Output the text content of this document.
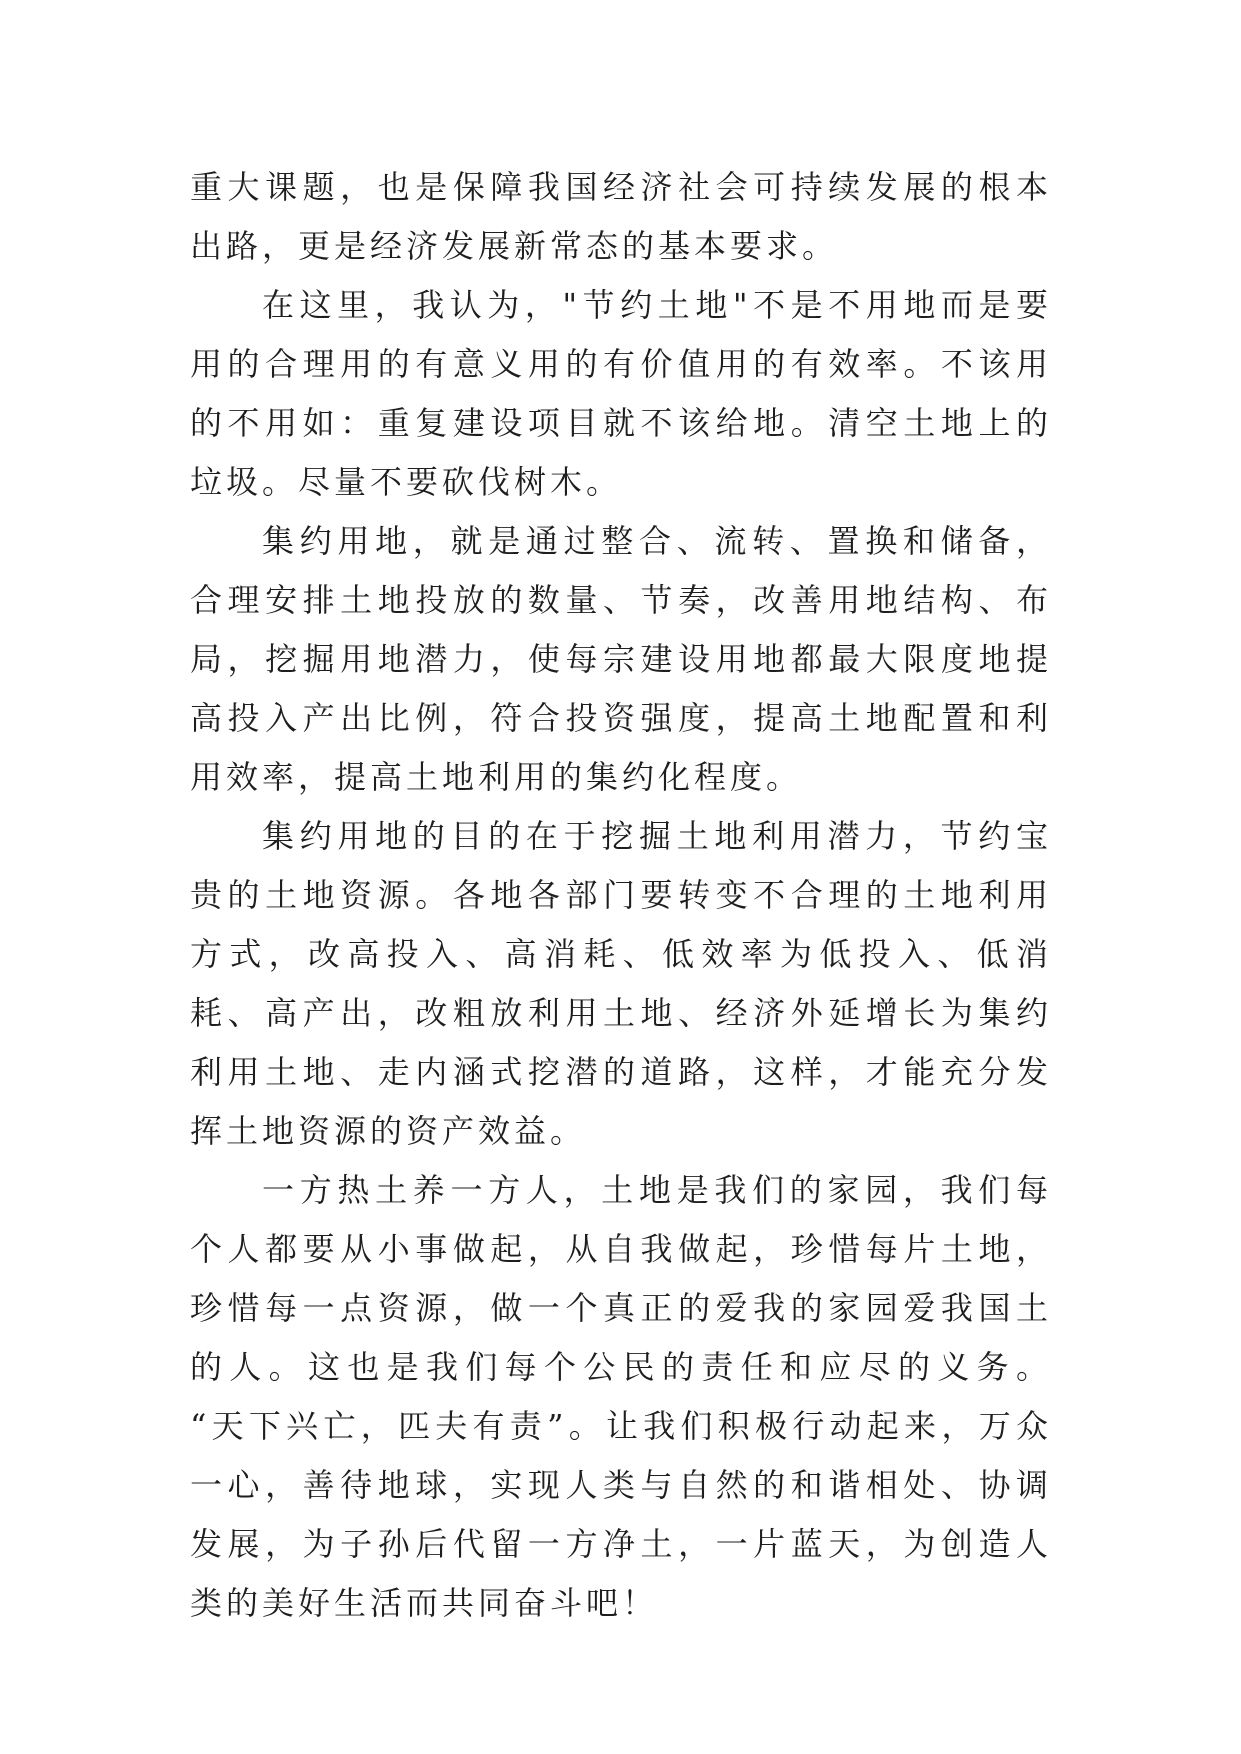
重大课题，也是保障我国经济社会可持续发展的根本出路，更是经济发展新常态的基本要求。

在这里，我认为，"节约土地"不是不用地而是要用的合理用的有意义用的有价值用的有效率。不该用的不用如：重复建设项目就不该给地。清空土地上的垃圾。尽量不要砍伐树木。

集约用地，就是通过整合、流转、置换和储备，合理安排土地投放的数量、节奏，改善用地结构、布局，挖掘用地潜力，使每宗建设用地都最大限度地提高投入产出比例，符合投资强度，提高土地配置和利用效率，提高土地利用的集约化程度。

集约用地的目的在于挖掘土地利用潜力，节约宝贵的土地资源。各地各部门要转变不合理的土地利用方式，改高投入、高消耗、低效率为低投入、低消耗、高产出，改粗放利用土地、经济外延增长为集约利用土地、走内涵式挖潜的道路，这样，才能充分发挥土地资源的资产效益。

一方热土养一方人，土地是我们的家园，我们每个人都要从小事做起，从自我做起，珍惜每片土地，珍惜每一点资源，做一个真正的爱我的家园爱我国土的人。这也是我们每个公民的责任和应尽的义务。 “天下兴亡，匹夫有责”。让我们积极行动起来，万众一心，善待地球，实现人类与自然的和谐相处、协调发展，为子孙后代留一方净土，一片蓝天，为创造人类的美好生活而共同奋斗吧！
